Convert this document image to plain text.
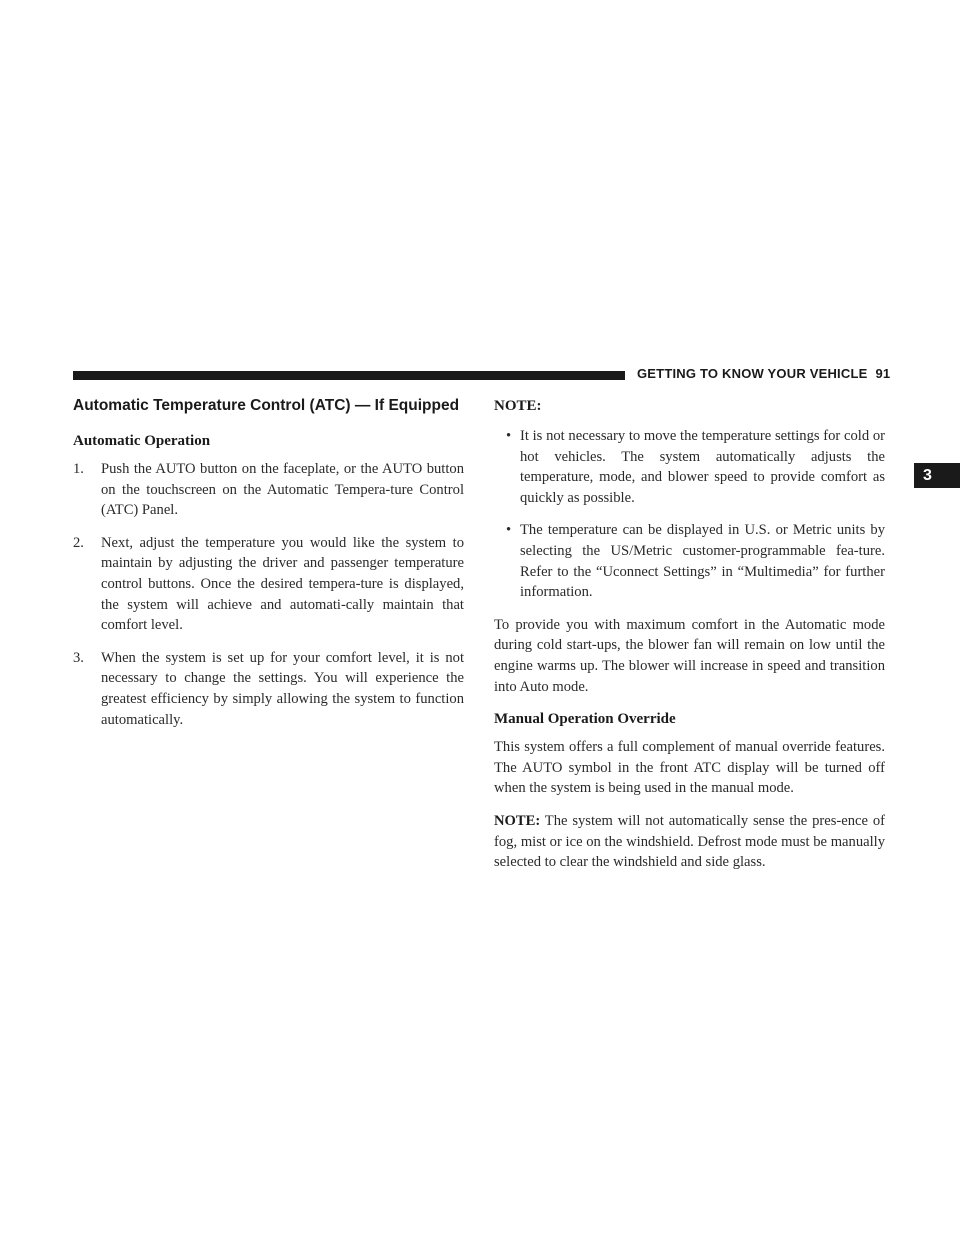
GETTING TO KNOW YOUR VEHICLE 91
3
Automatic Temperature Control (ATC) — If Equipped
Automatic Operation
1. Push the AUTO button on the faceplate, or the AUTO button on the touchscreen on the Automatic Tempera-ture Control (ATC) Panel.
2. Next, adjust the temperature you would like the system to maintain by adjusting the driver and passenger temperature control buttons. Once the desired tempera-ture is displayed, the system will achieve and automati-cally maintain that comfort level.
3. When the system is set up for your comfort level, it is not necessary to change the settings. You will experience the greatest efficiency by simply allowing the system to function automatically.
NOTE:
• It is not necessary to move the temperature settings for cold or hot vehicles. The system automatically adjusts the temperature, mode, and blower speed to provide comfort as quickly as possible.
• The temperature can be displayed in U.S. or Metric units by selecting the US/Metric customer-programmable fea-ture. Refer to the “Uconnect Settings” in “Multimedia” for further information.

To provide you with maximum comfort in the Automatic mode during cold start-ups, the blower fan will remain on low until the engine warms up. The blower will increase in speed and transition into Auto mode.

Manual Operation Override

This system offers a full complement of manual override features. The AUTO symbol in the front ATC display will be turned off when the system is being used in the manual mode.

NOTE: The system will not automatically sense the pres-ence of fog, mist or ice on the windshield. Defrost mode must be manually selected to clear the windshield and side glass.
